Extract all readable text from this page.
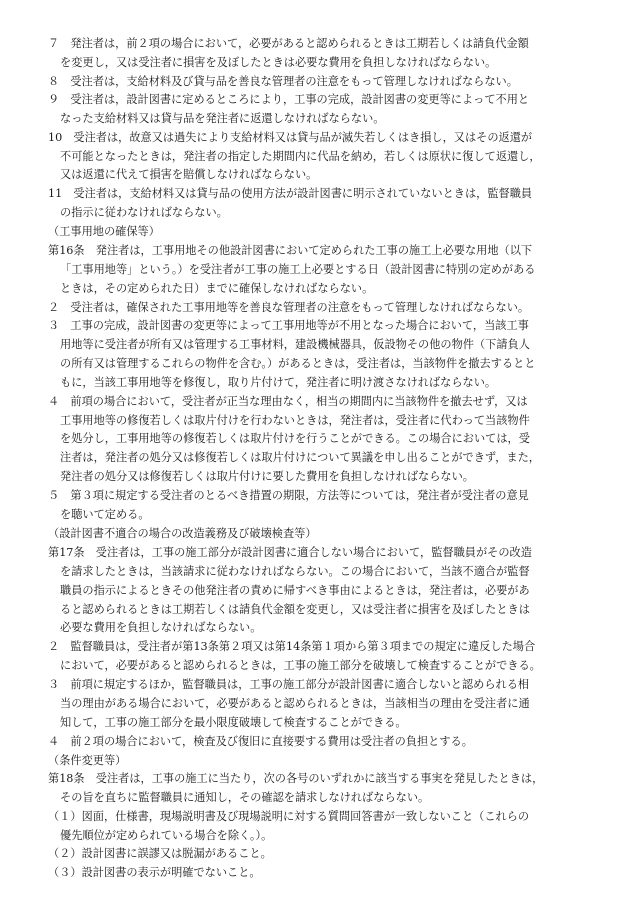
７　発注者は，前２項の場合において，必要があると認められるときは工期若しくは請負代金額
を変更し，又は受注者に損害を及ぼしたときは必要な費用を負担しなければならない。
８　受注者は，支給材料及び貸与品を善良な管理者の注意をもって管理しなければならない。
９　受注者は，設計図書に定めるところにより，工事の完成，設計図書の変更等によって不用と
なった支給材料又は貸与品を発注者に返還しなければならない。
10　受注者は，故意又は過失により支給材料又は貸与品が滅失若しくはき損し，又はその返還が
不可能となったときは，発注者の指定した期間内に代品を納め，若しくは原状に復して返還し，
又は返還に代えて損害を賠償しなければならない。
11　受注者は，支給材料又は貸与品の使用方法が設計図書に明示されていないときは，監督職員
の指示に従わなければならない。
（工事用地の確保等）
第16条　発注者は，工事用地その他設計図書において定められた工事の施工上必要な用地（以下
「工事用地等」という。）を受注者が工事の施工上必要とする日（設計図書に特別の定めがある
ときは，その定められた日）までに確保しなければならない。
２　受注者は，確保された工事用地等を善良な管理者の注意をもって管理しなければならない。
３　工事の完成，設計図書の変更等によって工事用地等が不用となった場合において，当該工事
用地等に受注者が所有又は管理する工事材料，建設機械器具，仮設物その他の物件（下請負人
の所有又は管理するこれらの物件を含む。）があるときは，受注者は，当該物件を撤去するとと
もに，当該工事用地等を修復し，取り片付けて，発注者に明け渡さなければならない。
４　前項の場合において，受注者が正当な理由なく，相当の期間内に当該物件を撤去せず，又は
工事用地等の修復若しくは取片付けを行わないときは，発注者は，受注者に代わって当該物件
を処分し，工事用地等の修復若しくは取片付けを行うことができる。この場合においては，受
注者は，発注者の処分又は修復若しくは取片付けについて異議を申し出ることができず，また，
発注者の処分又は修復若しくは取片付けに要した費用を負担しなければならない。
５　第３項に規定する受注者のとるべき措置の期限，方法等については，発注者が受注者の意見
を聴いて定める。
（設計図書不適合の場合の改造義務及び破壊検査等）
第17条　受注者は，工事の施工部分が設計図書に適合しない場合において，監督職員がその改造
を請求したときは，当該請求に従わなければならない。この場合において，当該不適合が監督
職員の指示によるときその他発注者の責めに帰すべき事由によるときは，発注者は，必要があ
ると認められるときは工期若しくは請負代金額を変更し，又は受注者に損害を及ぼしたときは
必要な費用を負担しなければならない。
２　監督職員は，受注者が第13条第２項又は第14条第１項から第３項までの規定に違反した場合
において，必要があると認められるときは，工事の施工部分を破壊して検査することができる。
３　前項に規定するほか，監督職員は，工事の施工部分が設計図書に適合しないと認められる相
当の理由がある場合において，必要があると認められるときは，当該相当の理由を受注者に通
知して，工事の施工部分を最小限度破壊して検査することができる。
４　前２項の場合において，検査及び復旧に直接要する費用は受注者の負担とする。
（条件変更等）
第18条　受注者は，工事の施工に当たり，次の各号のいずれかに該当する事実を発見したときは，
その旨を直ちに監督職員に通知し，その確認を請求しなければならない。
（１）図面，仕様書，現場説明書及び現場説明に対する質問回答書が一致しないこと（これらの
優先順位が定められている場合を除く。）。
（２）設計図書に誤謬又は脱漏があること。
（３）設計図書の表示が明確でないこと。
